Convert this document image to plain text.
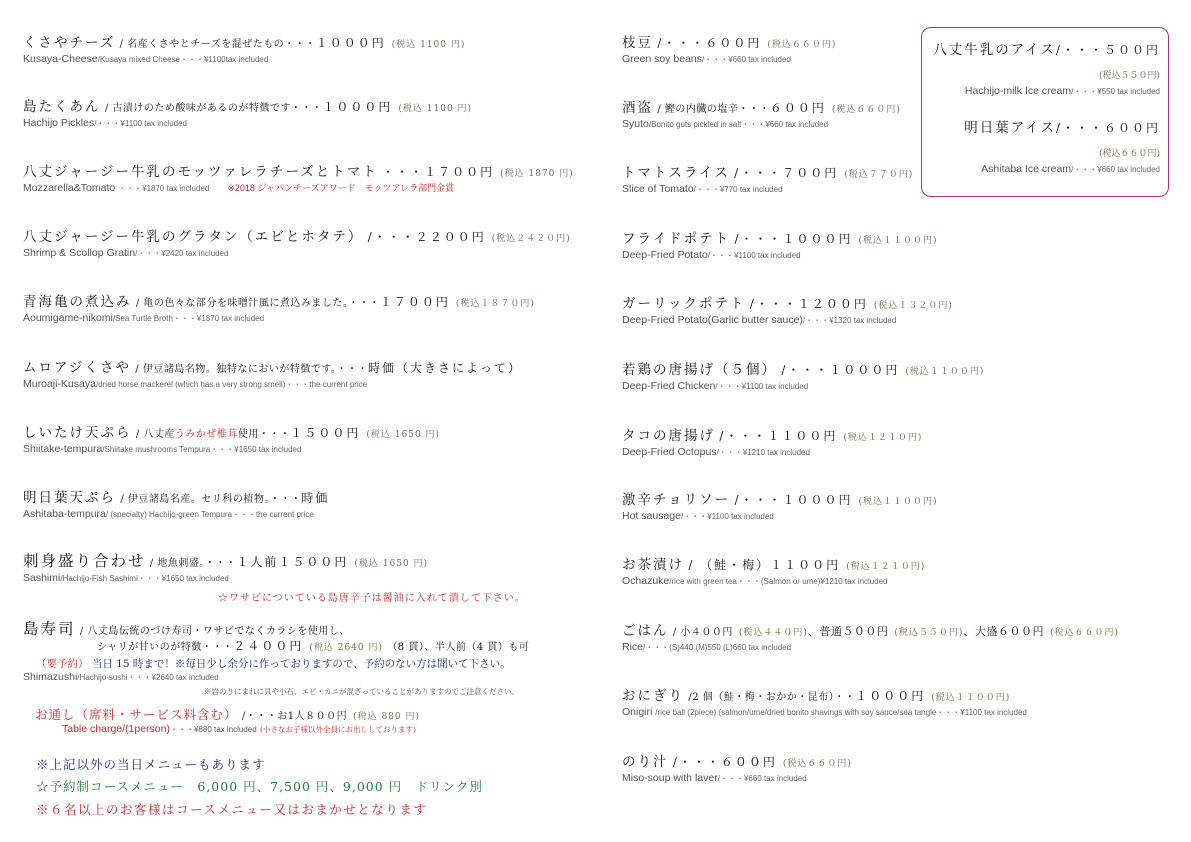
くさやチーズ / 名産くさやとチーズを混ぜたもの・・・１０００円 (税込 1100 円)
Kusaya-Cheese/Kusaya mixed Cheese・・・¥1100tax included
島たくあん / 古漬けのため酸味があるのが特徴です・・・１０００円 (税込 1100 円)
Hachijo Pickles/・・・¥1100 tax included
八丈ジャージー牛乳のモッツァレラチーズとトマト ・・・１７００円 (税込 1870 円)
Mozzarella&Tomato ・・・¥1870 tax included ※2018 ジャパンチーズアワード　モッツアレラ部門金賞
八丈ジャージー牛乳のグラタン（エビとホタテ） /・・・２２００円 (税込２４２０円)
Shrimp & Scollop Gratin/・・・¥2420 tax included
青海亀の煮込み / 亀の色々な部分を味噌汁風に煮込みました。・・・１７００円 (税込１８７０円)
Aoumigame-nikomi/Sea Turtle Broth・・・¥1870 tax included
ムロアジくさや / 伊豆諸島名物。独特なにおいが特徴です。・・・時価（大きさによって）
Muroaji-Kusaya/dried horse mackerel (which has a very strong smell)・・・the current price
しいたけ天ぷら / 八丈産うみかぜ椎茸使用・・・１５００円 (税込 1650 円)
Shiitake-tempura/Shiitake mushrooms Tempura・・・¥1650 tax included
明日葉天ぷら / 伊豆諸島名産。セリ科の植物。・・・時価
Ashitaba-tempura/ (specialty) Hachijo-green Tempura・・・the current price
刺身盛り合わせ / 地魚刺盛。・・・１人前１５００円 (税込 1650 円)
Sashimi/Hachijo-Fish Sashimi・・・¥1650 tax included
☆ワサビについている島唐辛子は醤油に入れて潰して下さい。
島寿司 / 八丈島伝統のづけ寿司・ワサビでなくカラシを使用し、
シャリが甘いのが特徴・・・２４００円 (税込 2640 円) （8 貫）、半人前（4 貫）も可
（要予約） 当日 15 時まで！※毎日少し余分に作っておりますので、予約のない方は聞いて下さい。
Shimazushi/Hachijo-sushi・・・¥2640 tax included
※岩のりにまれに貝や小石、エビ・カニが混ざっていることがありますのでご注意ください。
お通し（席料・サービス料含む） /・・・お1人８００円 (税込 880 円)
Table charge/(1person)・・・¥880 tax included (小さなお子様以外全員にお出ししております)
※上記以外の当日メニューもあります
☆予約制コースメニュー　6,000 円、7,500 円、9,000 円　ドリンク別
※６名以上のお客様はコースメニュー又はおまかせとなります
枝豆 /・・・６００円 (税込６６０円)
Green soy beans/・・・¥660 tax included
酒盗 / 鰹の内臓の塩辛・・・６００円 (税込６６０円)
Syuto/Bonito guts pickled in salt・・・¥660 tax included
トマトスライス /・・・７００円 (税込７７０円)
Slice of Tomato/・・・¥770 tax included
フライドポテト /・・・１０００円 (税込１１００円)
Deep-Fried Potato/・・・¥1100 tax included
ガーリックポテト /・・・１２００円 (税込１３２０円)
Deep-Fried Potato(Garlic butter sauce)/・・・¥1320 tax included
若鶏の唐揚げ（５個） /・・・１０００円 (税込１１００円)
Deep-Fried Chicken/・・・¥1100 tax included
タコの唐揚げ /・・・１１００円 (税込１２１０円)
Deep-Fried Octopus/・・・¥1210 tax included
激辛チョリソー /・・・１０００円 (税込１１００円)
Hot sausage/・・・¥1100 tax included
お茶漬け / （鮭・梅）１１００円 (税込１２１０円)
Ochazuke/rice with green tea・・・(Salmon or ume)¥1210 tax included
ごはん / 小４００円 (税込４４０円)、普通５００円 (税込５５０円)、大盛６００円 (税込６６０円)
Rice/・・・(S)440 (M)550 (L)660 tax included
おにぎり /2 個（鮭・梅・おかか・昆布）・・１０００円 (税込１１００円)
Onigiri /rice ball (2piece) (salmon/ume/dried bonito shavings with soy sauce/sea tangle・・・¥1100 tax included
のり汁 /・・・６００円 (税込６６０円)
Miso-soup with laver/・・・¥660 tax included
八丈牛乳のアイス/・・・５００円
(税込５５０円)
Hachijo-milk Ice cream/・・・¥550 tax included
明日葉アイス/・・・６００円
(税込６６０円)
Ashitaba Ice cream/・・・¥660 tax included
